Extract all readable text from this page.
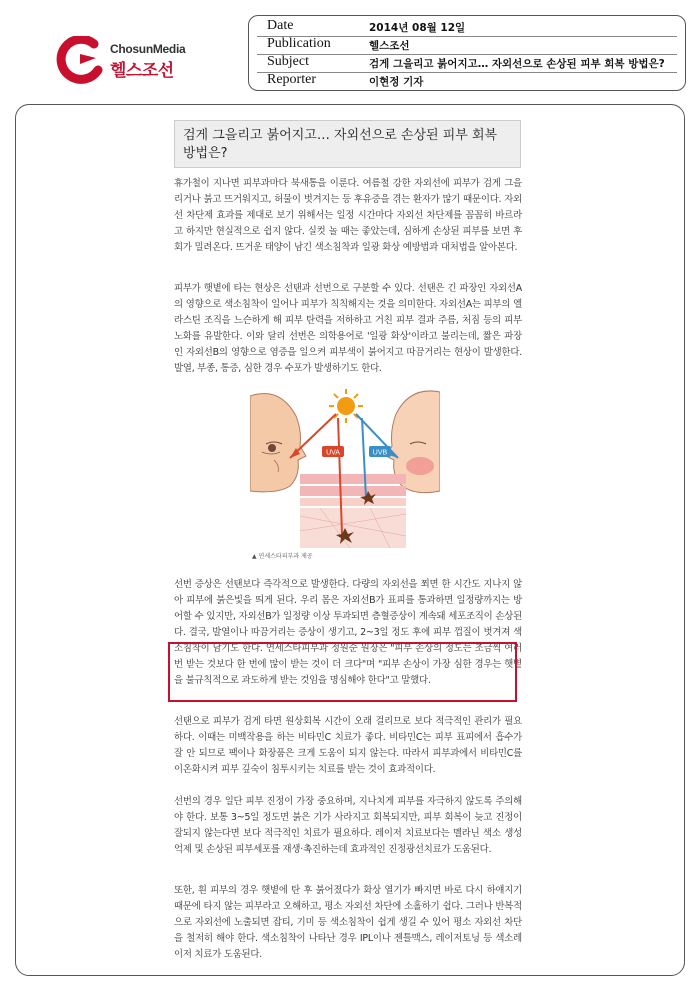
ChosunMedia
헬스조선
Date	2014년 08월 12일
Publication	헬스조선
Subject	검게 그을리고 붉어지고… 자외선으로 손상된 피부 회복 방법은?
Reporter	이현정 기자
검게 그을리고 붉어지고… 자외선으로 손상된 피부 회복 방법은?
휴가철이 지나면 피부과마다 북새통을 이룬다. 여름철 강한 자외선에 피부가 검게 그을리거나 붉고 뜨거워지고, 허물이 벗겨지는 등 후유증을 겪는 환자가 많기 때문이다. 자외선 차단제 효과를 제대로 보기 위해서는 일정 시간마다 자외선 차단제를 꼼꼼히 바르라고 하지만 현실적으로 쉽지 않다. 실컷 놀 때는 좋았는데, 심하게 손상된 피부를 보면 후회가 밀려온다. 뜨거운 태양이 남긴 색소침착과 일광 화상 예방법과 대처법을 알아본다.
피부가 햇볕에 타는 현상은 선탠과 선번으로 구분할 수 있다. 선탠은 긴 파장인 자외선A의 영향으로 색소침착이 일어나 피부가 칙칙해지는 것을 의미한다. 자외선A는 피부의 엘라스틴 조직을 느슨하게 해 피부 탄력을 저하하고 거친 피부 결과 주름, 처짐 등의 피부 노화를 유발한다. 이와 달리 선번은 의학용어로 '일광 화상'이라고 불리는데, 짧은 파장인 자외선B의 영향으로 염증을 일으켜 피부색이 붉어지고 따끔거리는 현상이 발생한다. 발열, 부종, 통증, 심한 경우 수포가 발생하기도 한다.
UVA	UVB
▲ 연세스타피부과 제공
선번 증상은 선탠보다 즉각적으로 발생한다. 다량의 자외선을 쬐면 한 시간도 지나지 않아 피부에 붉은빛을 띄게 된다. 우리 몸은 자외선B가 표피를 통과하면 일정량까지는 방어할 수 있지만, 자외선B가 일정량 이상 투과되면 층혈증상이 계속돼 세포조직이 손상된다. 결국, 발열이나 따끔거리는 증상이 생기고, 2~3일 정도 후에 피부 껍질이 벗겨져 색소침착이 남기도 한다. 연세스타피부과 정원순 원장은 "피부 손상의 정도는 조금씩 여러번 받는 것보다 한 번에 많이 받는 것이 더 크다"며 "피부 손상이 가장 심한 경우는 햇볕을 불규칙적으로 과도하게 받는 것임을 명심해야 한다"고 말했다.
선탠으로 피부가 검게 타면 원상회복 시간이 오래 걸리므로 보다 적극적인 관리가 필요하다. 이때는 미백작용을 하는 비타민C 치료가 좋다. 비타민C는 피부 표피에서 흡수가 잘 안 되므로 팩이나 화장품은 크게 도움이 되지 않는다. 따라서 피부과에서 비타민C를 이온화시켜 피부 깊숙이 침투시키는 치료를 받는 것이 효과적이다.
선번의 경우 일단 피부 진정이 가장 중요하며, 지나치게 피부를 자극하지 않도록 주의해야 한다. 보통 3~5일 정도면 붉은 기가 사라지고 회복되지만, 피부 회복이 늦고 진정이 잘되지 않는다면 보다 적극적인 치료가 필요하다. 레이저 치료보다는 멜라닌 색소 생성억제 및 손상된 피부세포를 재생·촉진하는데 효과적인 진정광선치료가 도움된다.
또한, 흰 피부의 경우 햇볕에 탄 후 붉어졌다가 화상 열기가 빠지면 바로 다시 하얘지기 때문에 타지 않는 피부라고 오해하고, 평소 자외선 차단에 소홀하기 쉽다. 그러나 반복적으로 자외선에 노출되면 잡티, 기미 등 색소침착이 쉽게 생길 수 있어 평소 자외선 차단을 철저히 해야 한다. 색소침착이 나타난 경우 IPL이나 젠틀맥스, 레이저토닝 등 색소레이저 치료가 도움된다.
